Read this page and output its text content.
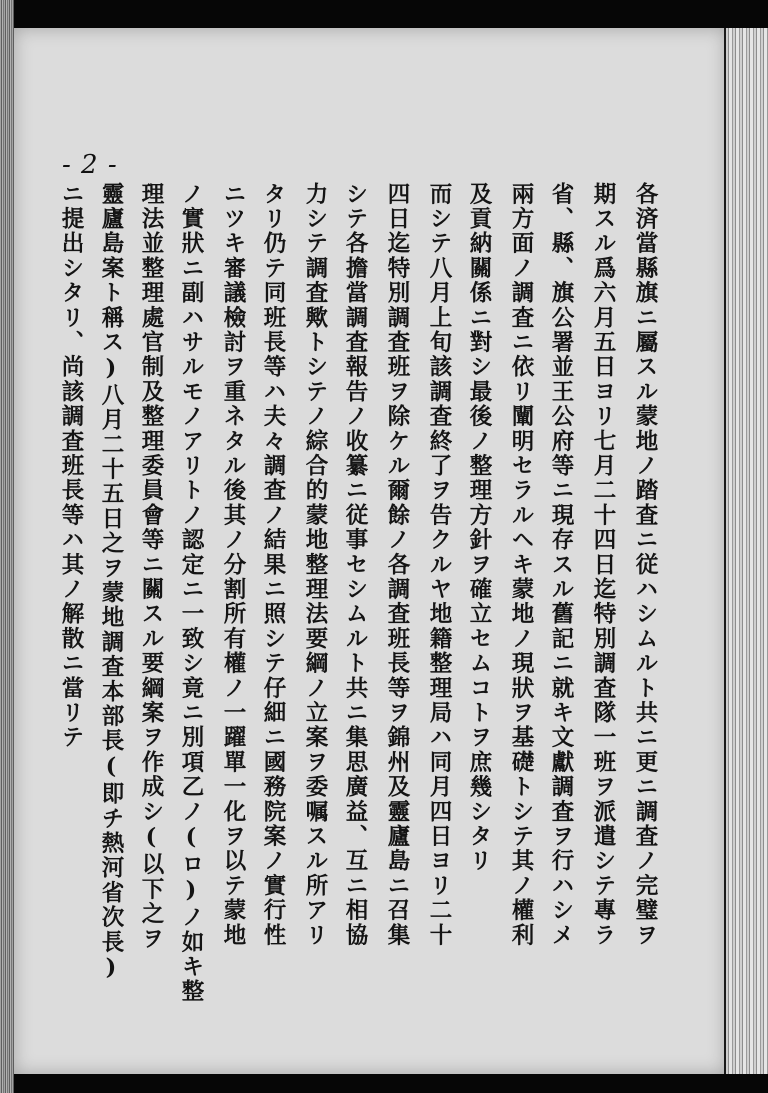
- 2 -
各済當縣旗ニ屬スル蒙地ノ踏査ニ従ハシムルト共ニ更ニ調査ノ完璧ヲ
期スル爲六月五日ヨリ七月二十四日迄特別調査隊一班ヲ派遣シテ專ラ
省、縣、旗公署並王公府等ニ現存スル舊記ニ就キ文獻調査ヲ行ハシメ
兩方面ノ調査ニ依リ闡明セラルヘキ蒙地ノ現狀ヲ基礎トシテ其ノ權利
及貢納關係ニ對シ最後ノ整理方針ヲ確立セムコトヲ庶幾シタリ
而シテ八月上旬該調査終了ヲ告クルヤ地籍整理局ハ同月四日ヨリ二十
四日迄特別調査班ヲ除ケル爾餘ノ各調査班長等ヲ錦州及靈廬島ニ召集
シテ各擔當調査報告ノ收纂ニ従事セシムルト共ニ集思廣益、互ニ相協
力シテ調査歟トシテノ綜合的蒙地整理法要綱ノ立案ヲ委嘱スル所アリ
タリ仍テ同班長等ハ夫々調査ノ結果ニ照シテ仔細ニ國務院案ノ實行性
ニツキ審議檢討ヲ重ネタル後其ノ分割所有權ノ一躍單一化ヲ以テ蒙地
ノ實狀ニ副ハサルモノアリトノ認定ニ一致シ竟ニ別項乙ノ(ロ)ノ如キ整
理法並整理處官制及整理委員會等ニ關スル要綱案ヲ作成シ(以下之ヲ
靈廬島案ト稱ス)八月二十五日之ヲ蒙地調査本部長(即チ熱河省次長)
ニ提出シタリ、尚該調査班長等ハ其ノ解散ニ當リテ
